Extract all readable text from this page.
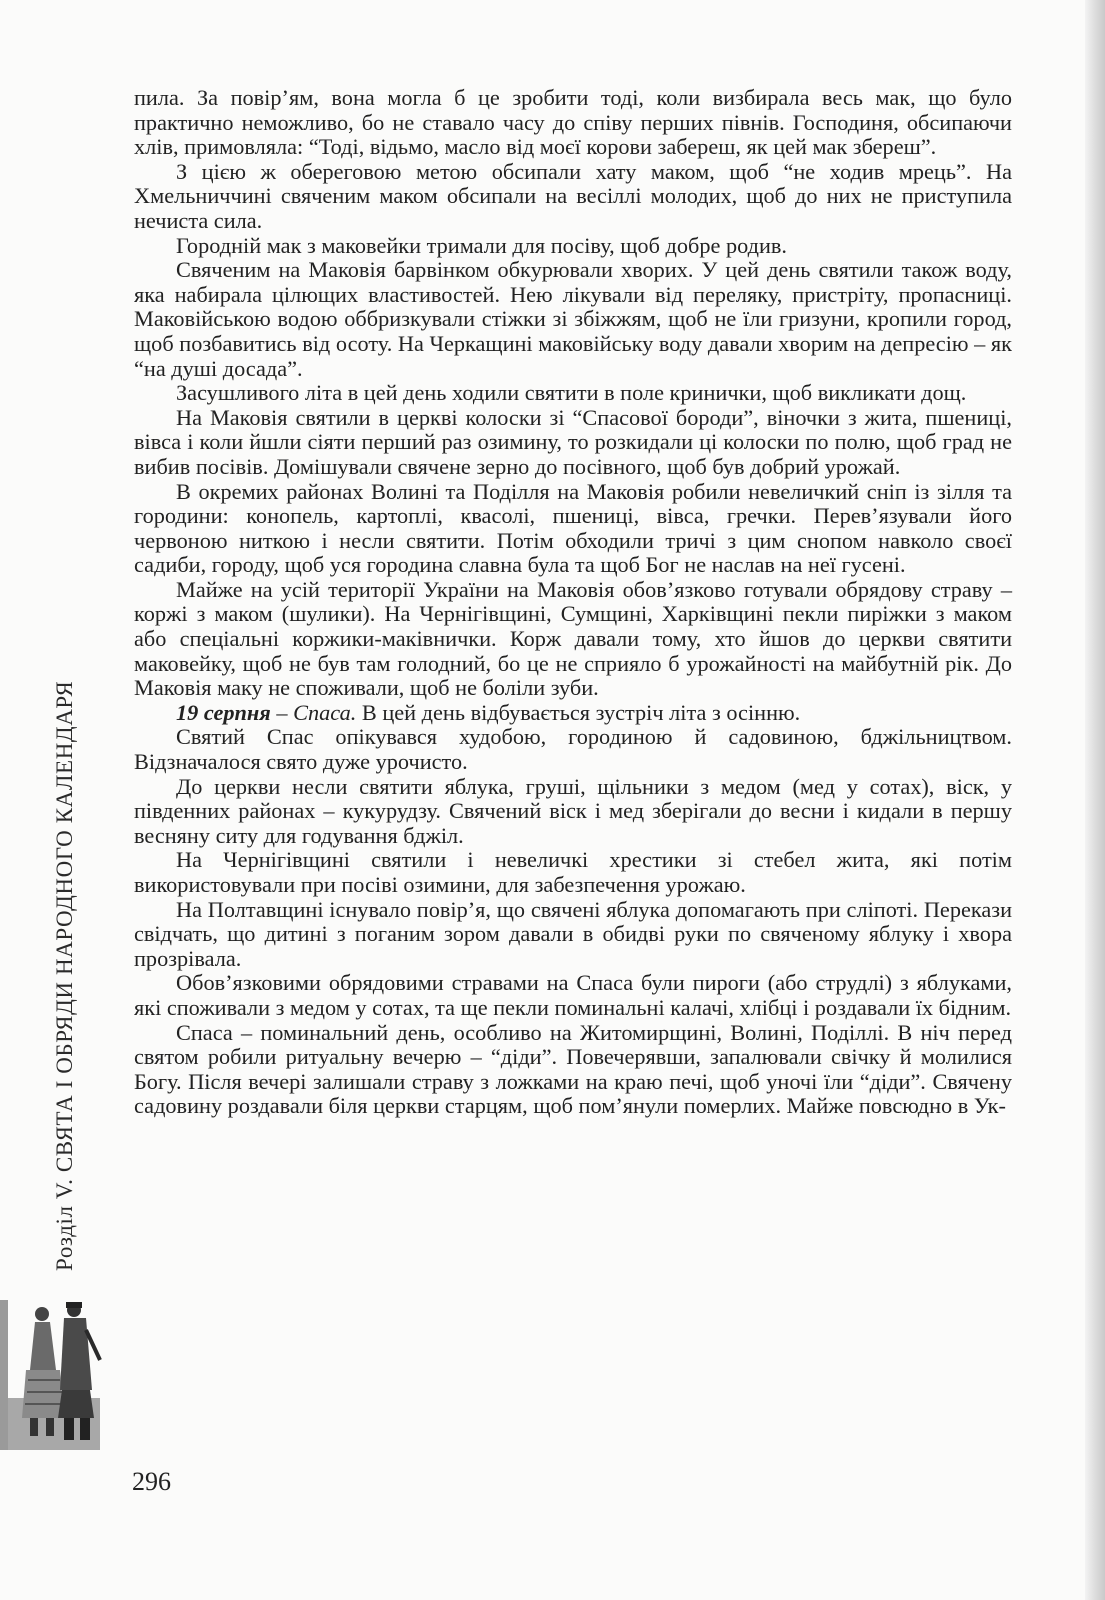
Розділ V. СВЯТА І ОБРЯДИ НАРОДНОГО КАЛЕНДАРЯ

пила. За повір’ям, вона могла б це зробити тоді, коли визбирала весь мак, що було практично неможливо, бо не ставало часу до співу перших півнів. Господиня, обсипаючи хлів, примовляла: “Тоді, відьмо, масло від моєї корови забереш, як цей мак збереш”.

З цією ж обереговою метою обсипали хату маком, щоб “не ходив мрець”. На Хмельниччині свяченим маком обсипали на весіллі молодих, щоб до них не приступила нечиста сила.

Городній мак з маковейки тримали для посіву, щоб добре родив.

Свяченим на Маковія барвінком обкурювали хворих. У цей день святили також воду, яка набирала цілющих властивостей. Нею лікували від переляку, пристріту, пропасниці. Маковійською водою оббризкували стіжки зі збіжжям, щоб не їли гризуни, кропили город, щоб позбавитись від осоту. На Черкащині маковійську воду давали хворим на депресію – як “на душі досада”.

Засушливого літа в цей день ходили святити в поле кринички, щоб викликати дощ.

На Маковія святили в церкві колоски зі “Спасової бороди”, віночки з жита, пшениці, вівса і коли йшли сіяти перший раз озимину, то розкидали ці колоски по полю, щоб град не вибив посівів. Домішували свячене зерно до посівного, щоб був добрий урожай.

В окремих районах Волині та Поділля на Маковія робили невеличкий сніп із зілля та городини: конопель, картоплі, квасолі, пшениці, вівса, гречки. Перев’язували його червоною ниткою і несли святити. Потім обходили тричі з цим снопом навколо своєї садиби, городу, щоб уся городина славна була та щоб Бог не наслав на неї гусені.

Майже на усій території України на Маковія обов’язково готували обрядову страву – коржі з маком (шулики). На Чернігівщині, Сумщині, Харківщині пекли пиріжки з маком або спеціальні коржики-маківнички. Корж давали тому, хто йшов до церкви святити маковейку, щоб не був там голодний, бо це не сприяло б урожайності на майбутній рік. До Маковія маку не споживали, щоб не боліли зуби.

19 серпня – Спаса. В цей день відбувається зустріч літа з осінню.

Святий Спас опікувався худобою, городиною й садовиною, бджільництвом. Відзначалося свято дуже урочисто.

До церкви несли святити яблука, груші, щільники з медом (мед у сотах), віск, у південних районах – кукурудзу. Свячений віск і мед зберігали до весни і кидали в першу весняну ситу для годування бджіл.

На Чернігівщині святили і невеличкі хрестики зі стебел жита, які потім використовували при посіві озимини, для забезпечення урожаю.

На Полтавщині існувало повір’я, що свячені яблука допомагають при сліпоті. Перекази свідчать, що дитині з поганим зором давали в обидві руки по свяченому яблуку і хвора прозрівала.

Обов’язковими обрядовими стравами на Спаса були пироги (або струдлі) з яблуками, які споживали з медом у сотах, та ще пекли поминальні калачі, хлібці і роздавали їх бідним.

Спаса – поминальний день, особливо на Житомирщині, Волині, Поділлі. В ніч перед святом робили ритуальну вечерю – “діди”. Повечерявши, запалювали свічку й молилися Богу. Після вечері залишали страву з ложками на краю печі, щоб уночі їли “діди”. Свячену садовину роздавали біля церкви старцям, щоб пом’янули померлих. Майже повсюдно в Ук-

296
